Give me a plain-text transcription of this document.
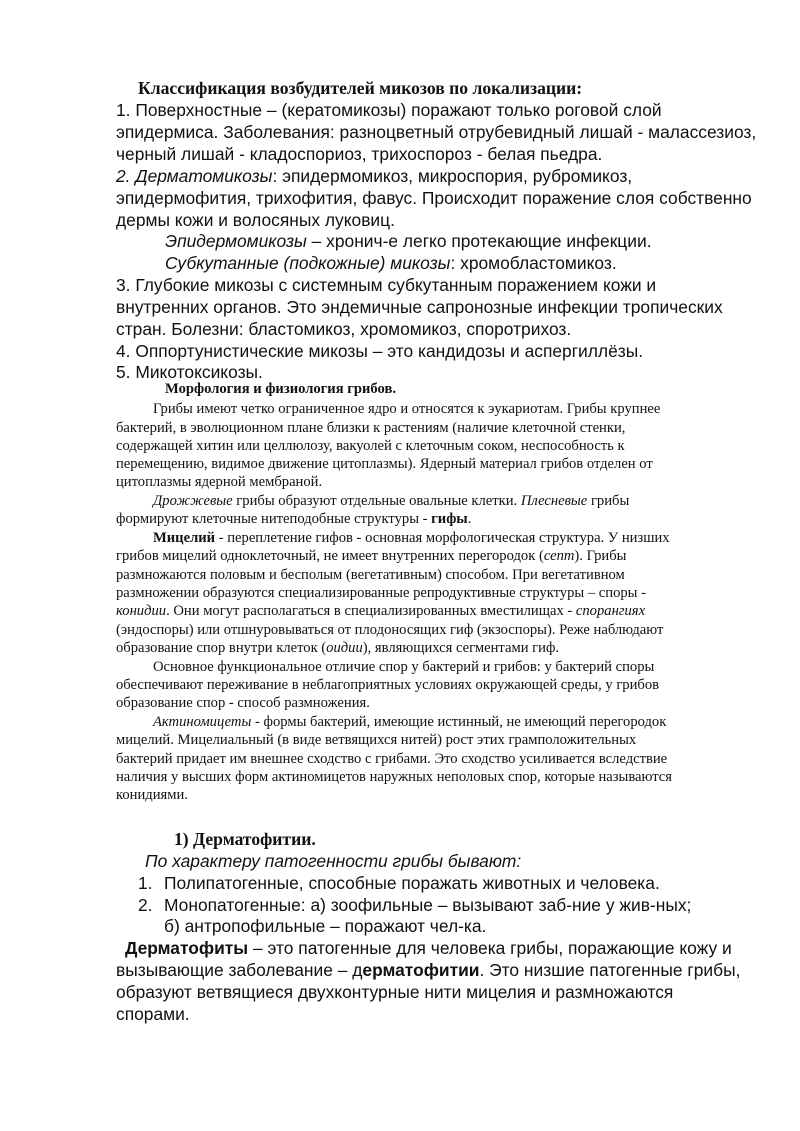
Классификация возбудителей микозов по локализации:
1. Поверхностные – (кератомикозы) поражают только роговой слой
эпидермиса. Заболевания: разноцветный отрубевидный лишай - малассезиоз,
черный лишай - кладоспориоз, трихоспороз - белая пьедра.
2. Дерматомикозы: эпидермомикоз, микроспория, рубромикоз,
эпидермофития, трихофития, фавус. Происходит поражение слоя собственно
дермы кожи и волосяных луковиц.
Эпидермомикозы – хронич-е легко протекающие инфекции.
Субкутанные (подкожные) микозы: хромобластомикоз.
3. Глубокие микозы с системным субкутанным поражением кожи и
внутренних органов. Это эндемичные сапронозные инфекции тропических
стран. Болезни: бластомикоз, хромомикоз, споротрихоз.
4. Оппортунистические микозы – это кандидозы и аспергиллёзы.
5. Микотоксикозы.
Морфология и физиология грибов.
Грибы имеют четко ограниченное ядро и относятся к эукариотам. Грибы крупнее
бактерий, в эволюционном плане близки к растениям (наличие клеточной стенки,
содержащей хитин или целлюлозу, вакуолей с клеточным соком, неспособность к
перемещению, видимое движение цитоплазмы). Ядерный материал грибов отделен от
цитоплазмы ядерной мембраной.
Дрожжевые грибы образуют отдельные овальные клетки. Плесневые грибы
формируют клеточные нитеподобные структуры - гифы.
Мицелий - переплетение гифов - основная морфологическая структура. У низших
грибов мицелий одноклеточный, не имеет внутренних перегородок (септ). Грибы
размножаются половым и бесполым (вегетативным) способом. При вегетативном
размножении образуются специализированные репродуктивные структуры – споры -
конидии. Они могут располагаться в специализированных вместилищах - спорангиях
(эндоспоры) или отшнуровываться от плодоносящих гиф (экзоспоры). Реже наблюдают
образование спор внутри клеток (оидии), являющихся сегментами гиф.
Основное функциональное отличие спор у бактерий и грибов: у бактерий споры
обеспечивают переживание в неблагоприятных условиях окружающей среды, у грибов
образование спор - способ размножения.
Актиномицеты - формы бактерий, имеющие истинный, не имеющий перегородок
мицелий. Мицелиальный (в виде ветвящихся нитей) рост этих грамположительных
бактерий придает им внешнее сходство с грибами. Это сходство усиливается вследствие
наличия у высших форм актиномицетов наружных неполовых спор, которые называются
конидиями.
1) Дерматофитии.
По характеру патогенности грибы бывают:
1. Полипатогенные, способные поражать животных и человека.
2. Монопатогенные: а) зоофильные – вызывают заб-ние у жив-ных;
б) антропофильные – поражают чел-ка.
Дерматофиты – это патогенные для человека грибы, поражающие кожу и
вызывающие заболевание – дерматофитии. Это низшие патогенные грибы,
образуют ветвящиеся двухконтурные нити мицелия и размножаются
спорами.
